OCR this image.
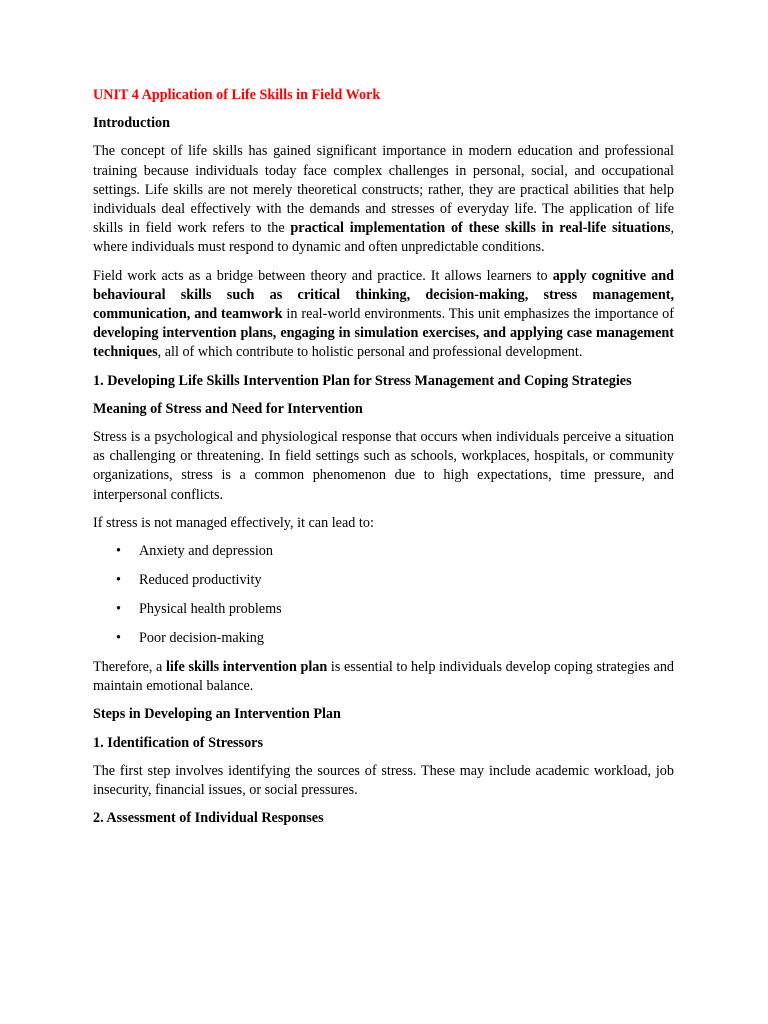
UNIT 4 Application of Life Skills in Field Work
Introduction

The concept of life skills has gained significant importance in modern education and professional training because individuals today face complex challenges in personal, social, and occupational settings. Life skills are not merely theoretical constructs; rather, they are practical abilities that help individuals deal effectively with the demands and stresses of everyday life. The application of life skills in field work refers to the practical implementation of these skills in real-life situations, where individuals must respond to dynamic and often unpredictable conditions.

Field work acts as a bridge between theory and practice. It allows learners to apply cognitive and behavioural skills such as critical thinking, decision-making, stress management, communication, and teamwork in real-world environments. This unit emphasizes the importance of developing intervention plans, engaging in simulation exercises, and applying case management techniques, all of which contribute to holistic personal and professional development.

1. Developing Life Skills Intervention Plan for Stress Management and Coping Strategies

Meaning of Stress and Need for Intervention

Stress is a psychological and physiological response that occurs when individuals perceive a situation as challenging or threatening. In field settings such as schools, workplaces, hospitals, or community organizations, stress is a common phenomenon due to high expectations, time pressure, and interpersonal conflicts.

If stress is not managed effectively, it can lead to:

• Anxiety and depression
• Reduced productivity
• Physical health problems
• Poor decision-making

Therefore, a life skills intervention plan is essential to help individuals develop coping strategies and maintain emotional balance.

Steps in Developing an Intervention Plan
1. Identification of Stressors

The first step involves identifying the sources of stress. These may include academic workload, job insecurity, financial issues, or social pressures.

2. Assessment of Individual Responses
